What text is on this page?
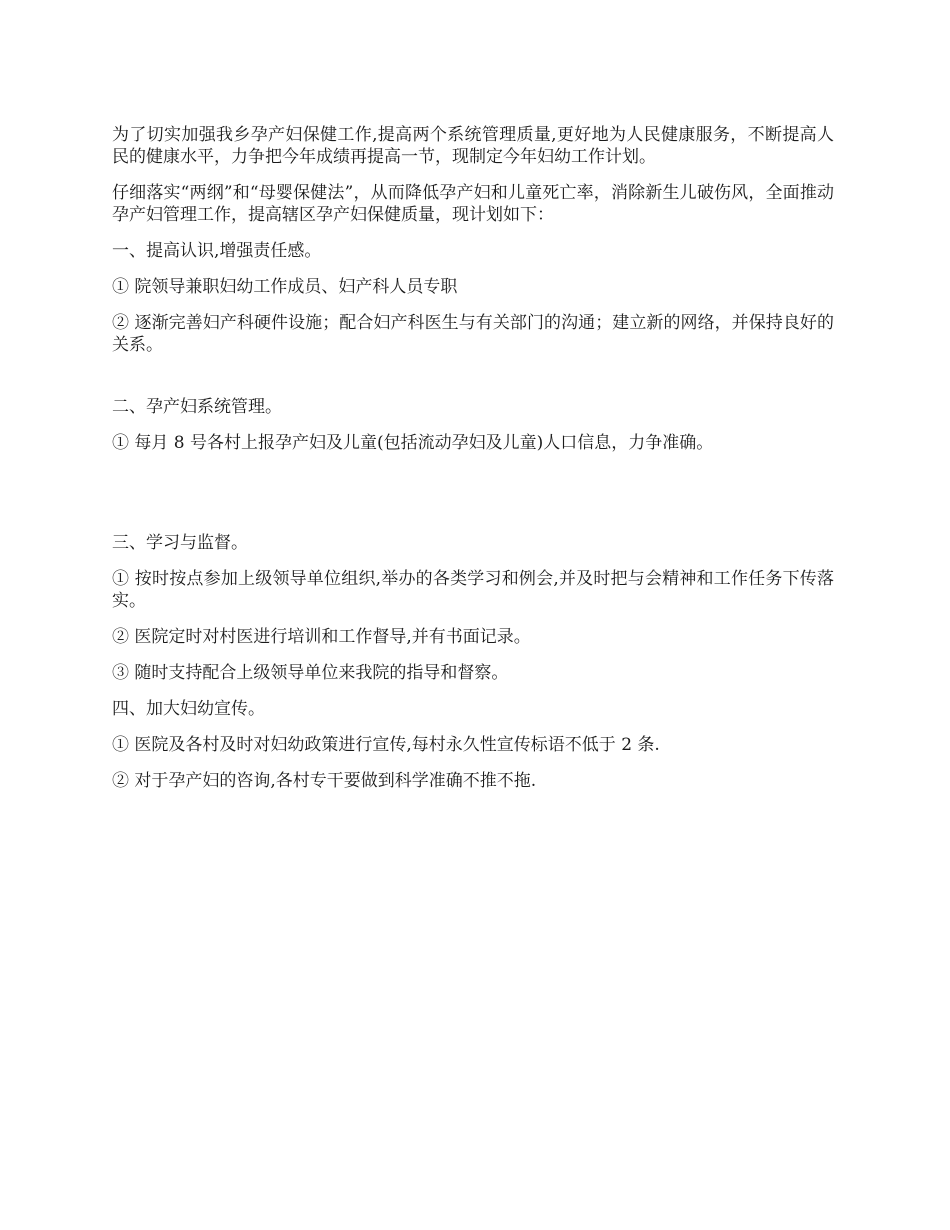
为了切实加强我乡孕产妇保健工作,提高两个系统管理质量,更好地为人民健康服务，不断提高人民的健康水平，力争把今年成绩再提高一节，现制定今年妇幼工作计划。

仔细落实“两纲”和“母婴保健法”，从而降低孕产妇和儿童死亡率，消除新生儿破伤风，全面推动孕产妇管理工作，提高辖区孕产妇保健质量，现计划如下：

一、提高认识,增强责任感。

① 院领导兼职妇幼工作成员、妇产科人员专职

② 逐渐完善妇产科硬件设施；配合妇产科医生与有关部门的沟通；建立新的网络，并保持良好的关系。

二、孕产妇系统管理。

① 每月 8 号各村上报孕产妇及儿童(包括流动孕妇及儿童)人口信息，力争准确。

三、学习与监督。

① 按时按点参加上级领导单位组织,举办的各类学习和例会,并及时把与会精神和工作任务下传落实。

② 医院定时对村医进行培训和工作督导,并有书面记录。

③ 随时支持配合上级领导单位来我院的指导和督察。

四、加大妇幼宣传。

① 医院及各村及时对妇幼政策进行宣传,每村永久性宣传标语不低于 2 条.

② 对于孕产妇的咨询,各村专干要做到科学准确不推不拖.
